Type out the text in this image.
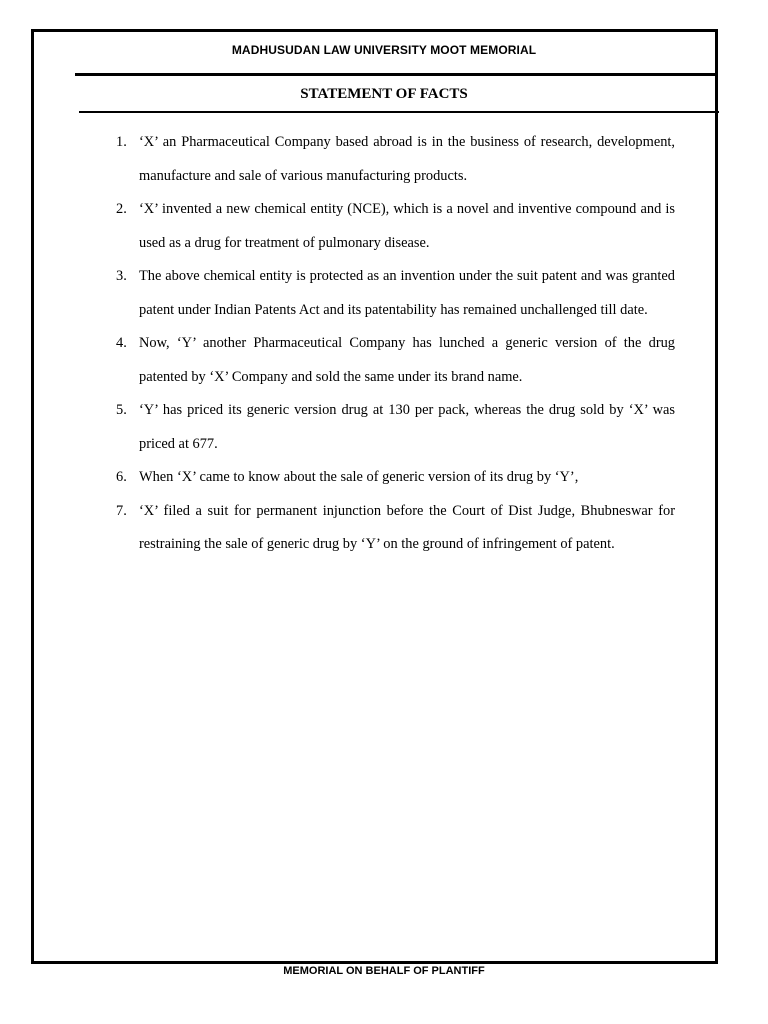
MADHUSUDAN LAW UNIVERSITY MOOT MEMORIAL
STATEMENT OF FACTS
1. ‘X’ an Pharmaceutical Company based abroad is in the business of research, development, manufacture and sale of various manufacturing products.
2. ‘X’ invented a new chemical entity (NCE), which is a novel and inventive compound and is used as a drug for treatment of pulmonary disease.
3. The above chemical entity is protected as an invention under the suit patent and was granted patent under Indian Patents Act and its patentability has remained unchallenged till date.
4. Now, ‘Y’ another Pharmaceutical Company has lunched a generic version of the drug patented by ‘X’ Company and sold the same under its brand name.
5. ‘Y’ has priced its generic version drug at 130 per pack, whereas the drug sold by ‘X’ was priced at 677.
6. When ‘X’ came to know about the sale of generic version of its drug by ‘Y’,
7. ‘X’ filed a suit for permanent injunction before the Court of Dist Judge, Bhubneswar for restraining the sale of generic drug by ‘Y’ on the ground of infringement of patent.
MEMORIAL ON BEHALF OF PLANTIFF
